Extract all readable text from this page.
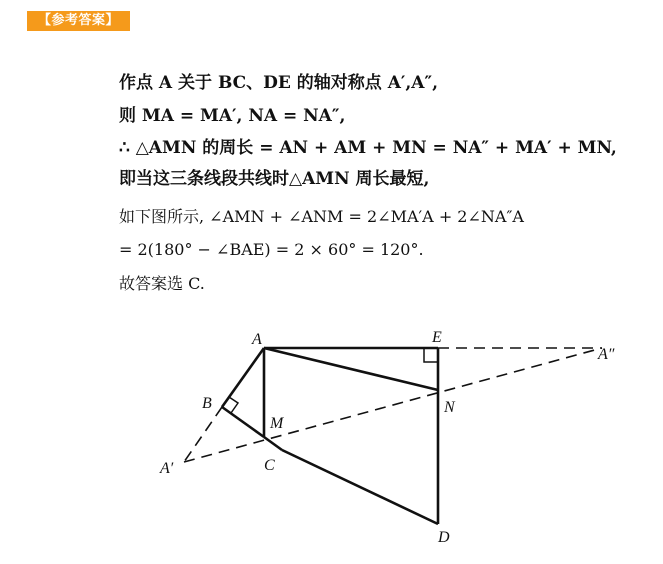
【参考答案】
作点 A 关于 BC、DE 的轴对称点 A′,A″,
则 MA = MA′, NA = NA″,
∴ △AMN 的周长 = AN + AM + MN = NA″ + MA′ + MN,
即当这三条线段共线时△AMN 周长最短,
如下图所示, ∠AMN + ∠ANM = 2∠MA′A + 2∠NA″A
= 2(180° − ∠BAE) = 2 × 60° = 120°.
故答案选 C.
A	E
A″
B
M
N
A′	C
D
